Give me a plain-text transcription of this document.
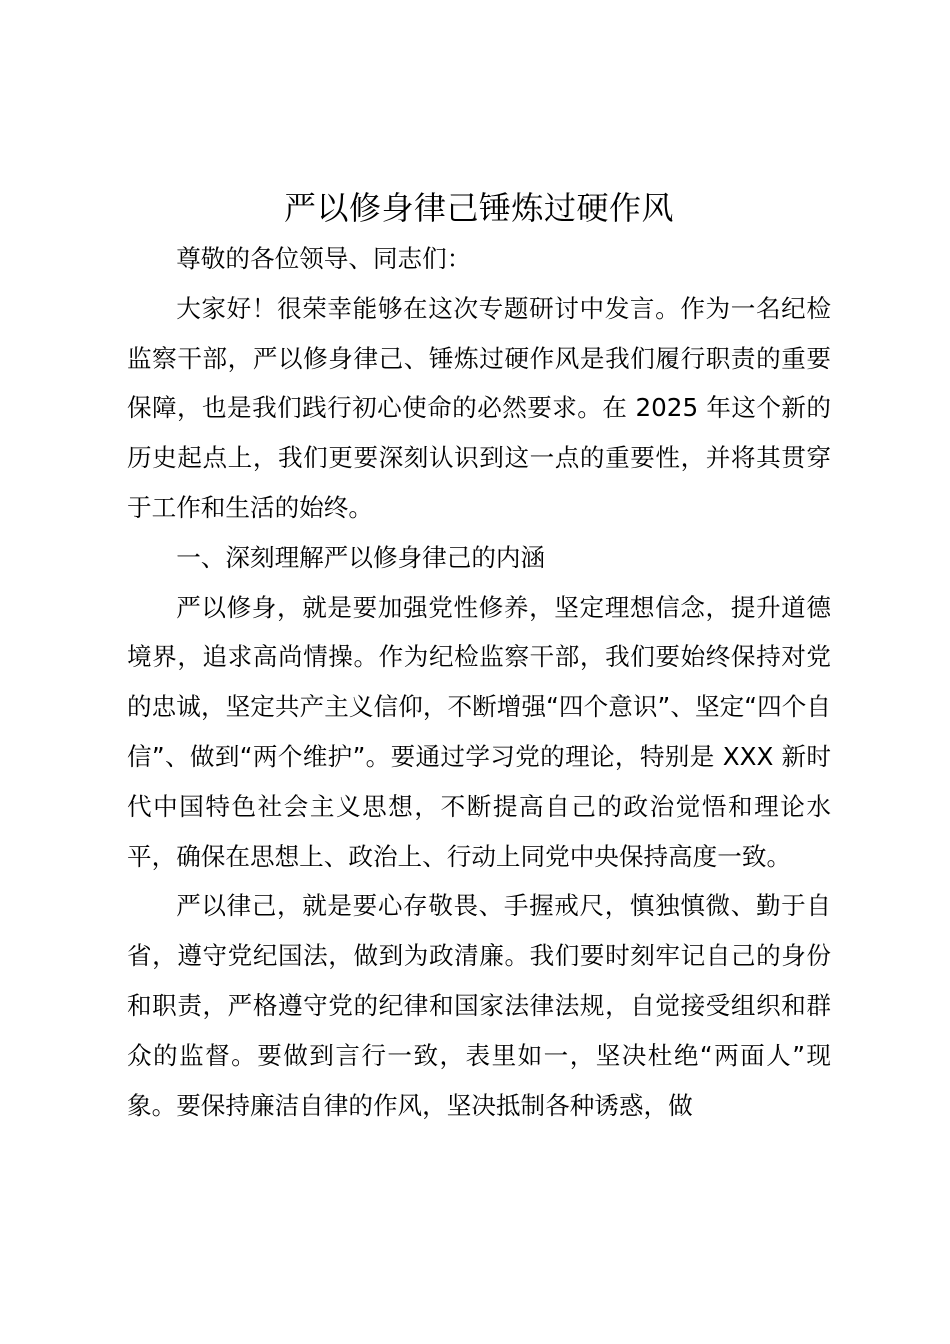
严以修身律己锤炼过硬作风

尊敬的各位领导、同志们：

大家好！很荣幸能够在这次专题研讨中发言。作为一名纪检监察干部，严以修身律己、锤炼过硬作风是我们履行职责的重要保障，也是我们践行初心使命的必然要求。在 2025 年这个新的历史起点上，我们更要深刻认识到这一点的重要性，并将其贯穿于工作和生活的始终。

一、深刻理解严以修身律己的内涵

严以修身，就是要加强党性修养，坚定理想信念，提升道德境界，追求高尚情操。作为纪检监察干部，我们要始终保持对党的忠诚，坚定共产主义信仰，不断增强“四个意识”、坚定“四个自信”、做到“两个维护”。要通过学习党的理论，特别是 XXX 新时代中国特色社会主义思想，不断提高自己的政治觉悟和理论水平，确保在思想上、政治上、行动上同党中央保持高度一致。

严以律己，就是要心存敬畏、手握戒尺，慎独慎微、勤于自省，遵守党纪国法，做到为政清廉。我们要时刻牢记自己的身份和职责，严格遵守党的纪律和国家法律法规，自觉接受组织和群众的监督。要做到言行一致，表里如一，坚决杜绝“两面人”现象。要保持廉洁自律的作风，坚决抵制各种诱惑，做
